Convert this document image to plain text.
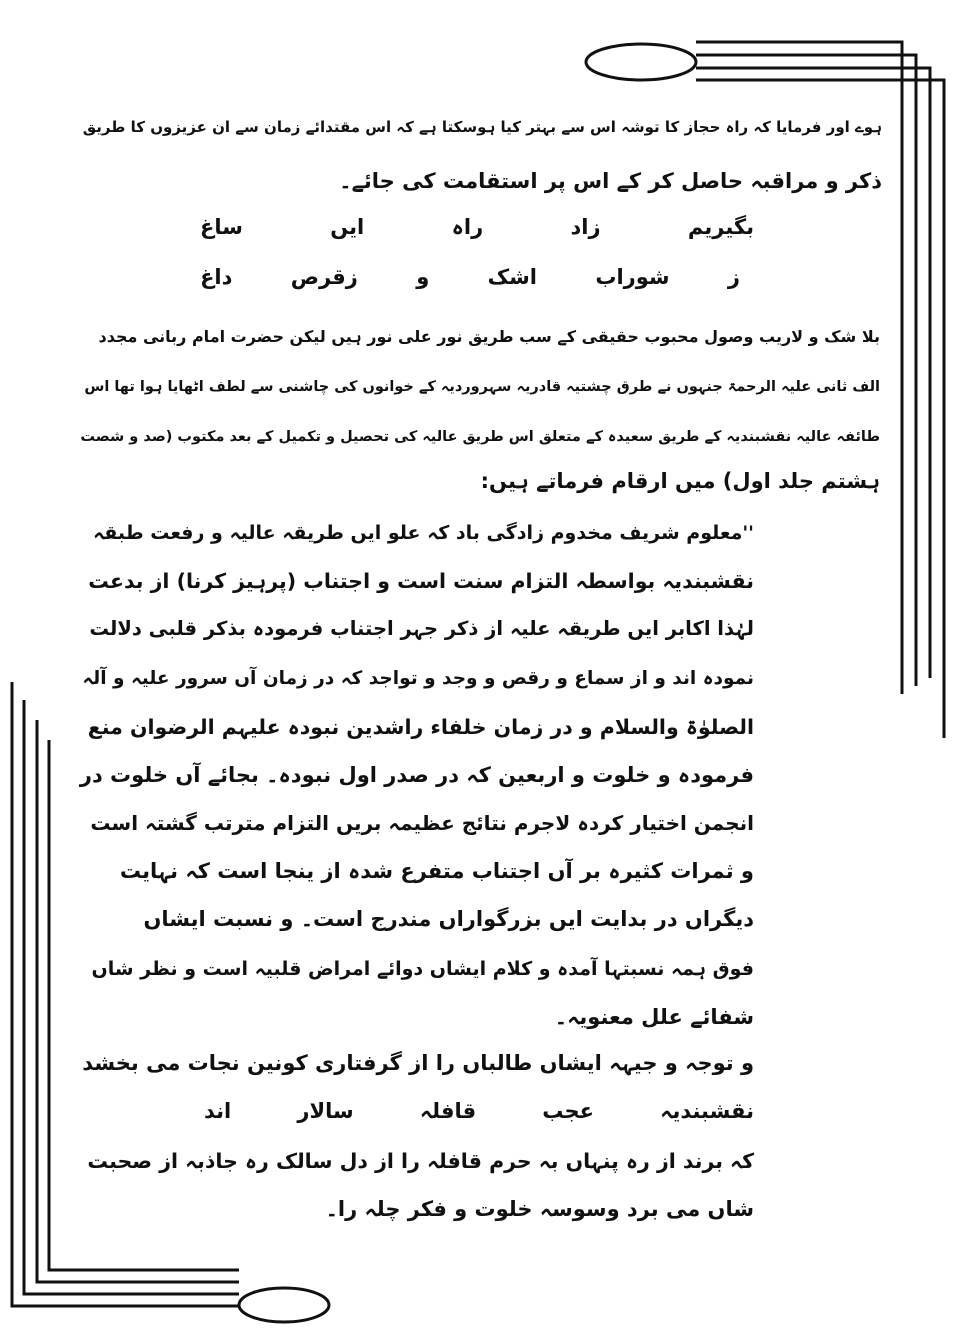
ہوے اور فرمایا کہ راہ حجاز کا توشہ اس سے بہتر کیا ہوسکتا ہے کہ اس مقتدائے زمان سے ان عزیزوں کا طریق

ذکر و مراقبہ حاصل کر کے اس پر استقامت کی جائے۔

بگیریم
زاد
راہ
ایں
ساغ
ز
شوراب
اشک
و
زقرص
داغ

بلا شک و لاریب وصول محبوب حقیقی کے سب طریق نور علی نور ہیں لیکن حضرت امام ربانی مجدد

الف ثانی علیہ الرحمۃ جنہوں نے طرق چشتیہ قادریہ سہروردیہ کے خوانوں کی چاشنی سے لطف اٹھایا ہوا تھا اس

طائفہ عالیہ نقشبندیہ کے طریق سعیدہ کے متعلق اس طریق عالیہ کی تحصیل و تکمیل کے بعد مکتوب (صد و شصت

ہشتم جلد اول) میں ارقام فرماتے ہیں:

''معلوم شریف مخدوم زادگی باد کہ علو ایں طریقہ عالیہ و رفعت طبقہ

نقشبندیہ بواسطہ التزام سنت است و اجتناب (پرہیز کرنا) از بدعت

لہٰذا اکابر ایں طریقہ علیہ از ذکر جہر اجتناب فرمودہ بذکر قلبی دلالت

نمودہ اند و از سماع و رقص و وجد و تواجد کہ در زمان آں سرور علیہ و آلہ

الصلوٰۃ والسلام و در زمان خلفاء راشدین نبودہ علیہم الرضوان منع

فرمودہ و خلوت و اربعین کہ در صدر اول نبودہ۔ بجائے آں خلوت در

انجمن اختیار کردہ لاجرم نتائج عظیمہ بریں التزام مترتب گشتہ است

و ثمرات کثیرہ بر آں اجتناب متفرع شدہ از ینجا است کہ نہایت

دیگراں در بدایت ایں بزرگواراں مندرج است۔ و نسبت ایشاں

فوق ہمہ نسبتہا آمدہ و کلام ایشاں دوائے امراض قلبیہ است و نظر شاں

شفائے علل معنویہ۔

و توجہ و جیہہ ایشاں طالباں را از گرفتاری کونین نجات می بخشد

نقشبندیہ
عجب
قافلہ
سالار
اند

کہ برند از رہ پنہاں بہ حرم قافلہ را از دل سالک رہ جاذبہ از صحبت

شاں می برد وسوسہ خلوت و فکر چلہ را۔
